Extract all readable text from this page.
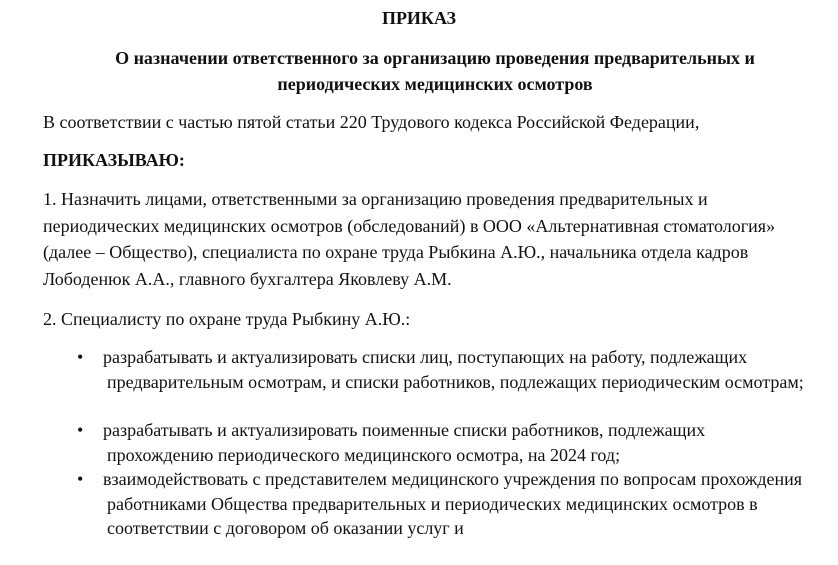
ПРИКАЗ
О назначении ответственного за организацию проведения предварительных и
периодических медицинских осмотров
В соответствии с частью пятой статьи 220 Трудового кодекса Российской Федерации,
ПРИКАЗЫВАЮ:
1. Назначить лицами, ответственными за организацию проведения предварительных и периодических медицинских осмотров (обследований) в ООО «Альтернативная стоматология» (далее – Общество), специалиста по охране труда Рыбкина А.Ю., начальника отдела кадров Лободенюк А.А., главного бухгалтера Яковлеву А.М.
2. Специалисту по охране труда Рыбкину А.Ю.:
• разрабатывать и актуализировать списки лиц, поступающих на работу, подлежащих предварительным осмотрам, и списки работников, подлежащих периодическим осмотрам;
• разрабатывать и актуализировать поименные списки работников, подлежащих прохождению периодического медицинского осмотра, на 2024 год;
• взаимодействовать с представителем медицинского учреждения по вопросам прохождения работниками Общества предварительных и периодических медицинских осмотров в соответствии с договором об оказании услуг и
